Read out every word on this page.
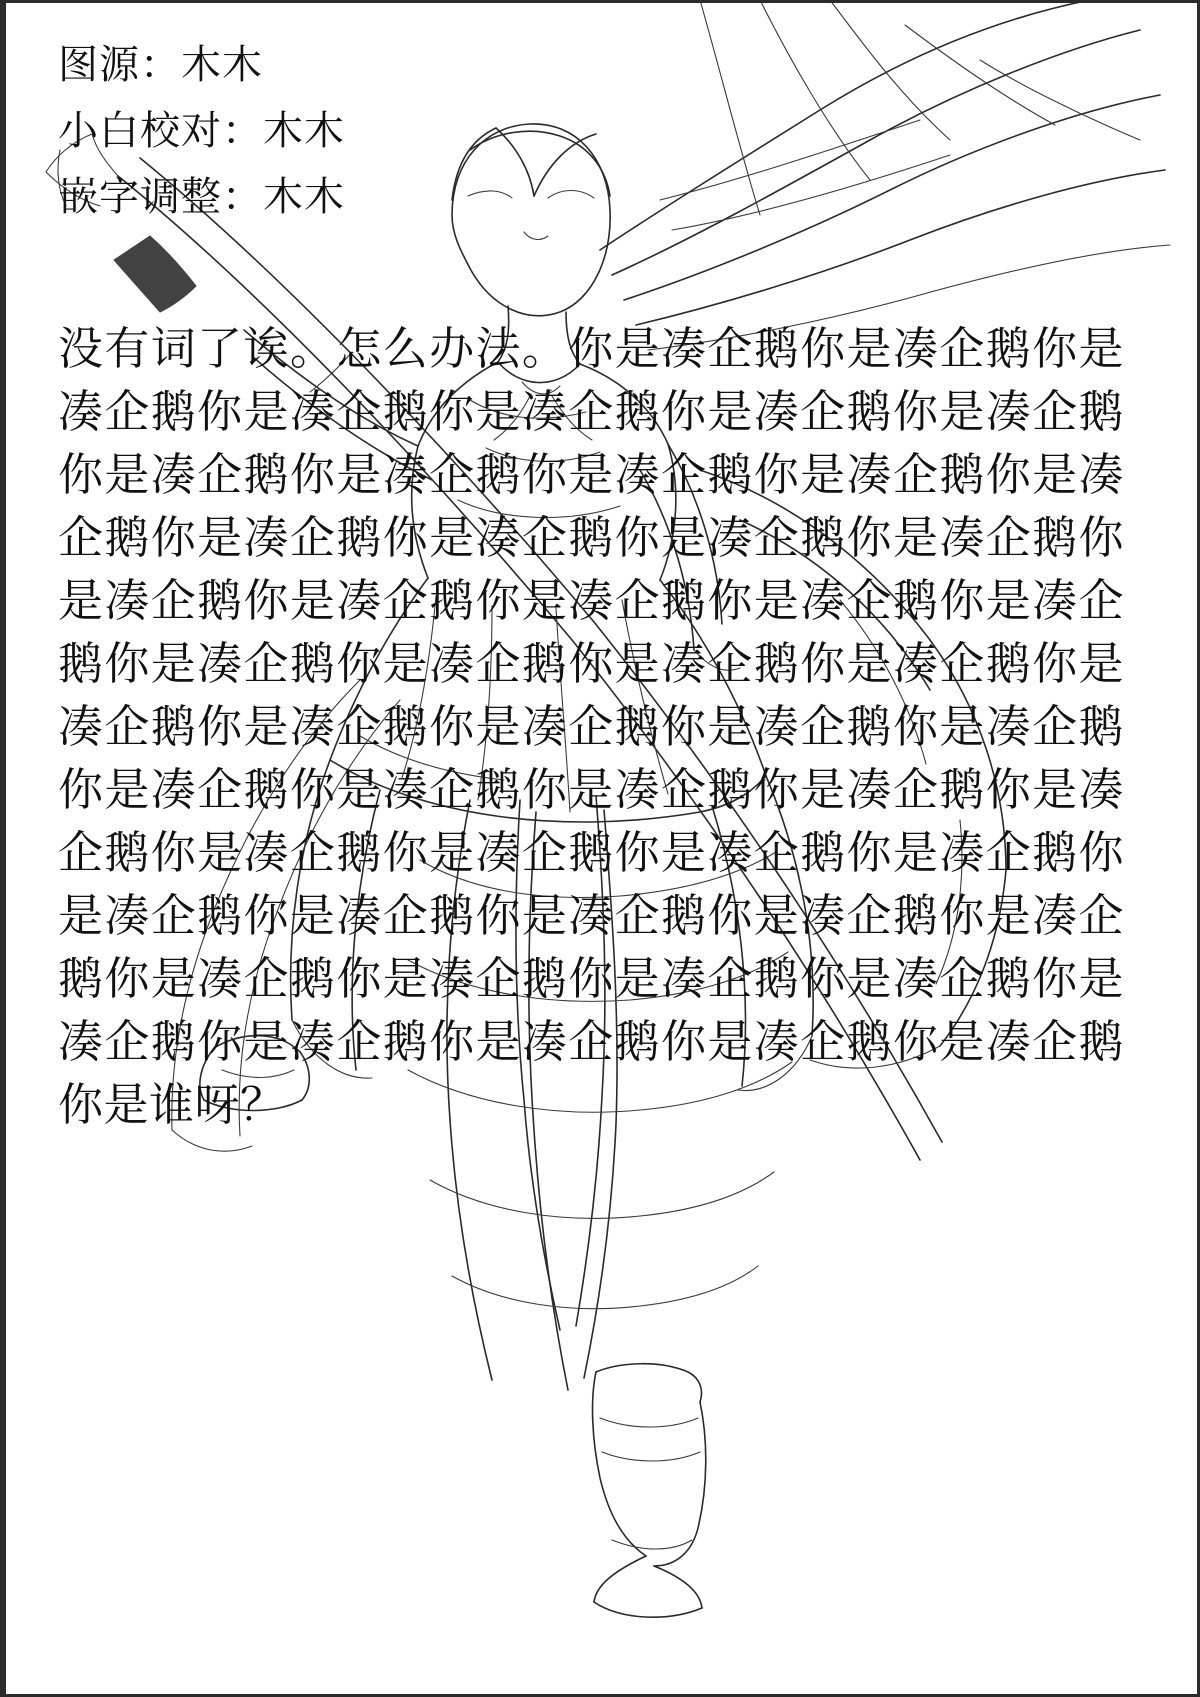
图源：木木
小白校对：木木
嵌字调整：木木
没有词了诶。怎么办法。你是凑企鹅你是凑企鹅你是凑企鹅你是凑企鹅你是凑企鹅你是凑企鹅你是凑企鹅你是凑企鹅你是凑企鹅你是凑企鹅你是凑企鹅你是凑企鹅你是凑企鹅你是凑企鹅你是凑企鹅你是凑企鹅你是凑企鹅你是凑企鹅你是凑企鹅你是凑企鹅你是凑企鹅你是凑企鹅你是凑企鹅你是凑企鹅你是凑企鹅你是凑企鹅你是凑企鹅你是凑企鹅你是凑企鹅你是凑企鹅你是凑企鹅你是凑企鹅你是凑企鹅你是凑企鹅你是凑企鹅你是凑企鹅你是凑企鹅你是凑企鹅你是凑企鹅你是凑企鹅你是凑企鹅你是凑企鹅你是凑企鹅你是凑企鹅你是凑企鹅你是凑企鹅你是凑企鹅你是凑企鹅你是凑企鹅你是凑企鹅你是凑企鹅你是凑企鹅你是凑企鹅你是谁呀？
